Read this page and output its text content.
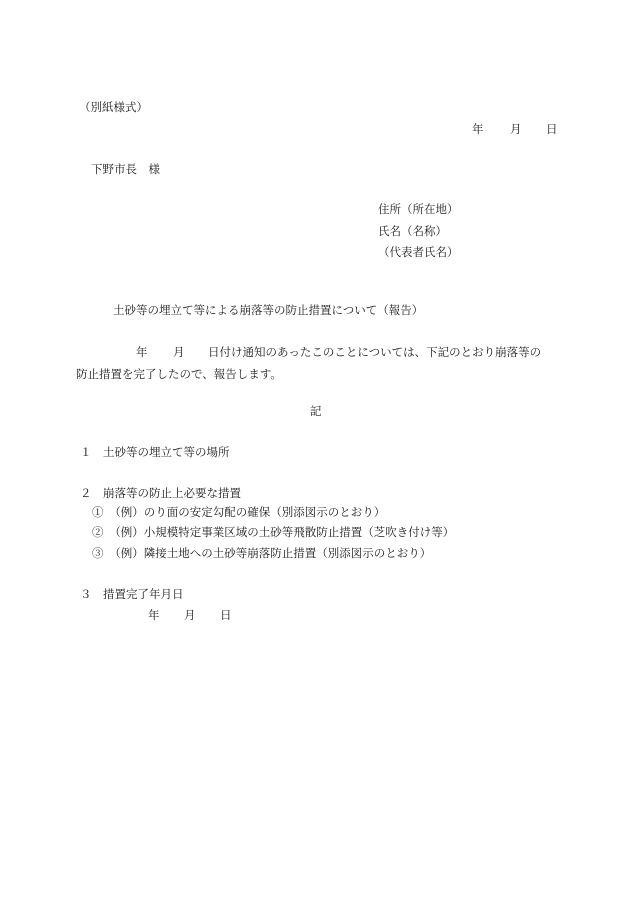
（別紙様式）

年

月

日

下野市長　様
住所（所在地）
氏名（名称）
（代表者氏名）
土砂等の埋立て等による崩落等の防止措置について（報告）

年

月

日付け通知のあったこのことについては、下記のとおり崩落等の

防止措置を完了したので、報告します。
記
１　土砂等の埋立て等の場所
２　崩落等の防止上必要な措置
①　（例）のり面の安定勾配の確保（別添図示のとおり）
②　（例）小規模特定事業区域の土砂等飛散防止措置（芝吹き付け等）
③　（例）隣接土地への土砂等崩落防止措置（別添図示のとおり）
３　措置完了年月日

年

月

日
